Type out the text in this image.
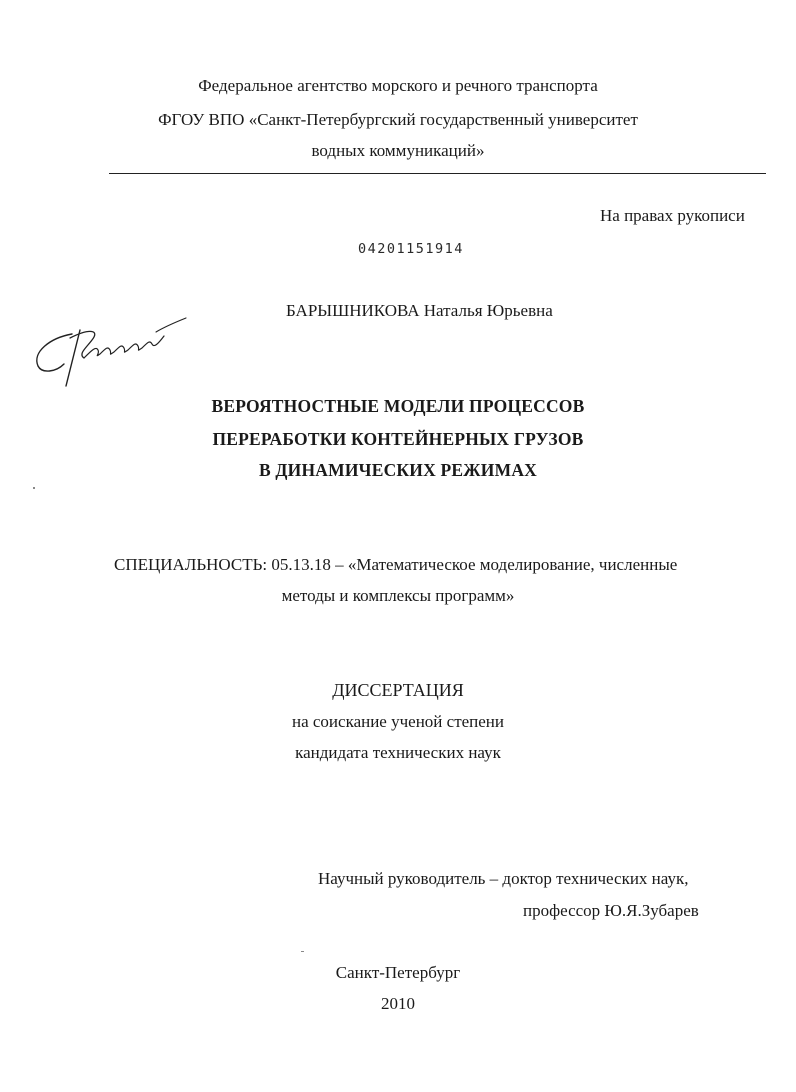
Федеральное агентство морского и речного транспорта
ФГОУ ВПО «Санкт-Петербургский государственный университет
водных коммуникаций»
На правах рукописи
04201151914
БАРЫШНИКОВА Наталья Юрьевна
ВЕРОЯТНОСТНЫЕ МОДЕЛИ ПРОЦЕССОВ
ПЕРЕРАБОТКИ КОНТЕЙНЕРНЫХ ГРУЗОВ
В ДИНАМИЧЕСКИХ РЕЖИМАХ
СПЕЦИАЛЬНОСТЬ: 05.13.18 – «Математическое моделирование, численные
методы и комплексы программ»
ДИССЕРТАЦИЯ
на соискание ученой степени
кандидата технических наук
Научный руководитель – доктор технических наук,
профессор Ю.Я.Зубарев
Санкт-Петербург
2010
